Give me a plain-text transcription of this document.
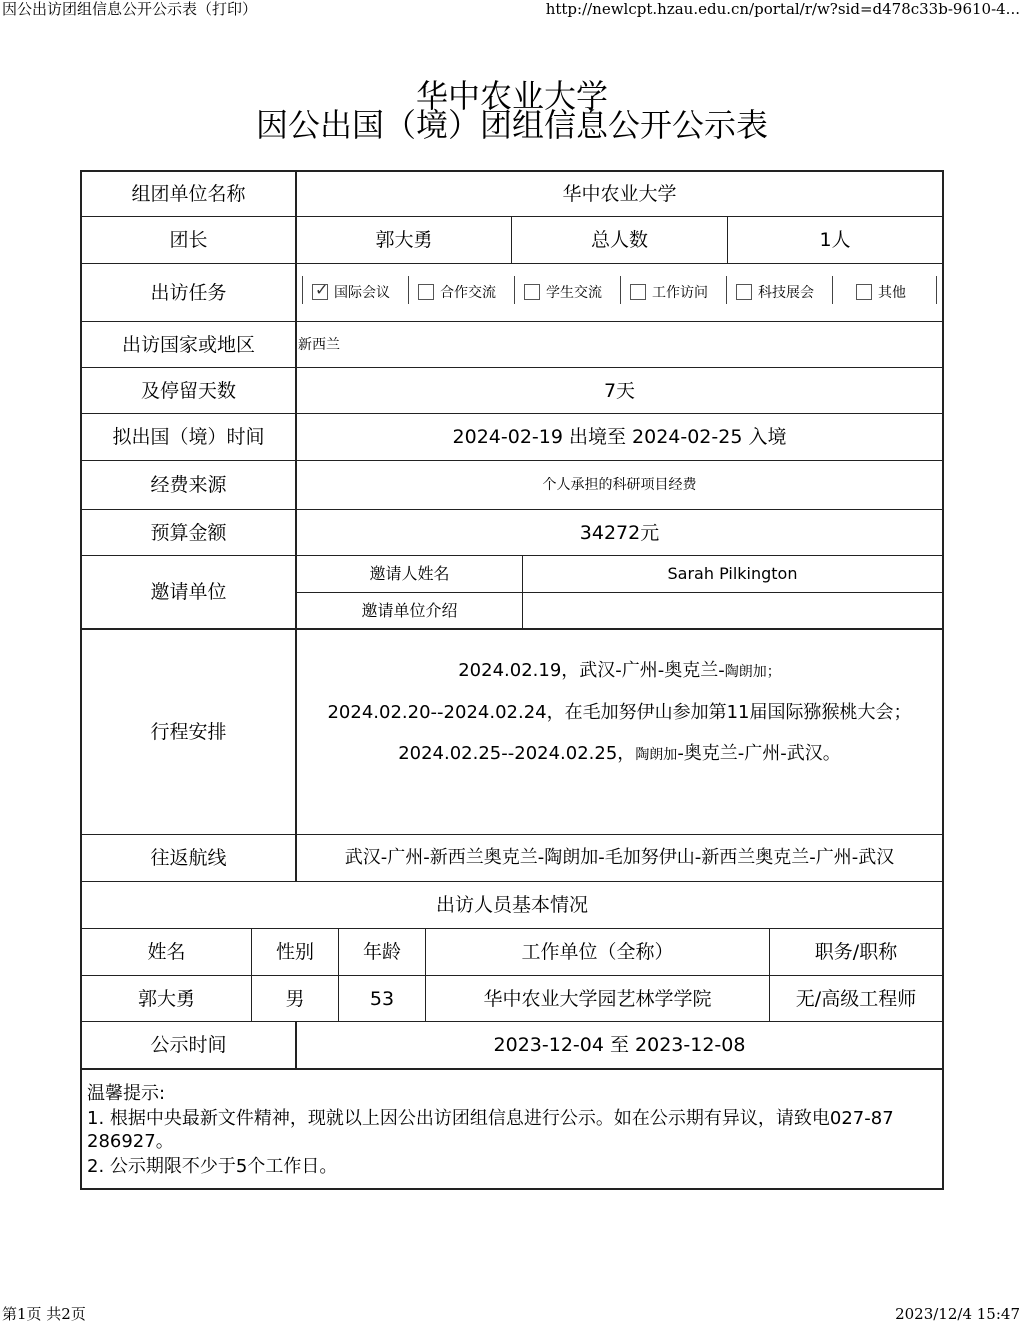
因公出访团组信息公开公示表（打印）	http://newlcpt.hzau.edu.cn/portal/r/w?sid=d478c33b-9610-4...
第1页 共2页	2023/12/4 15:47
华中农业大学
因公出国（境）团组信息公开公示表
组团单位名称	华中农业大学
团长	郭大勇	总人数	1人
出访任务	✓ 国际会议	合作交流	学生交流	工作访问	科技展会	其他
出访国家或地区	新西兰
及停留天数	7天
拟出国（境）时间	2024-02-19 出境至 2024-02-25 入境
经费来源	个人承担的科研项目经费
预算金额	34272元
邀请单位
邀请人姓名	Sarah Pilkington
邀请单位介绍
行程安排
2024.02.19，武汉-广州-奥克兰-陶朗加；
2024.02.20--2024.02.24，在毛加努伊山参加第11届国际猕猴桃大会；
2024.02.25--2024.02.25，陶朗加-奥克兰-广州-武汉。
往返航线	武汉-广州-新西兰奥克兰-陶朗加-毛加努伊山-新西兰奥克兰-广州-武汉
出访人员基本情况
姓名	性别	年龄	工作单位（全称）	职务/职称
郭大勇	男	53	华中农业大学园艺林学学院	无/高级工程师
公示时间	2023-12-04 至 2023-12-08
温馨提示:
1. 根据中央最新文件精神，现就以上因公出访团组信息进行公示。如在公示期有异议，请致电027-87
286927。
2. 公示期限不少于5个工作日。
